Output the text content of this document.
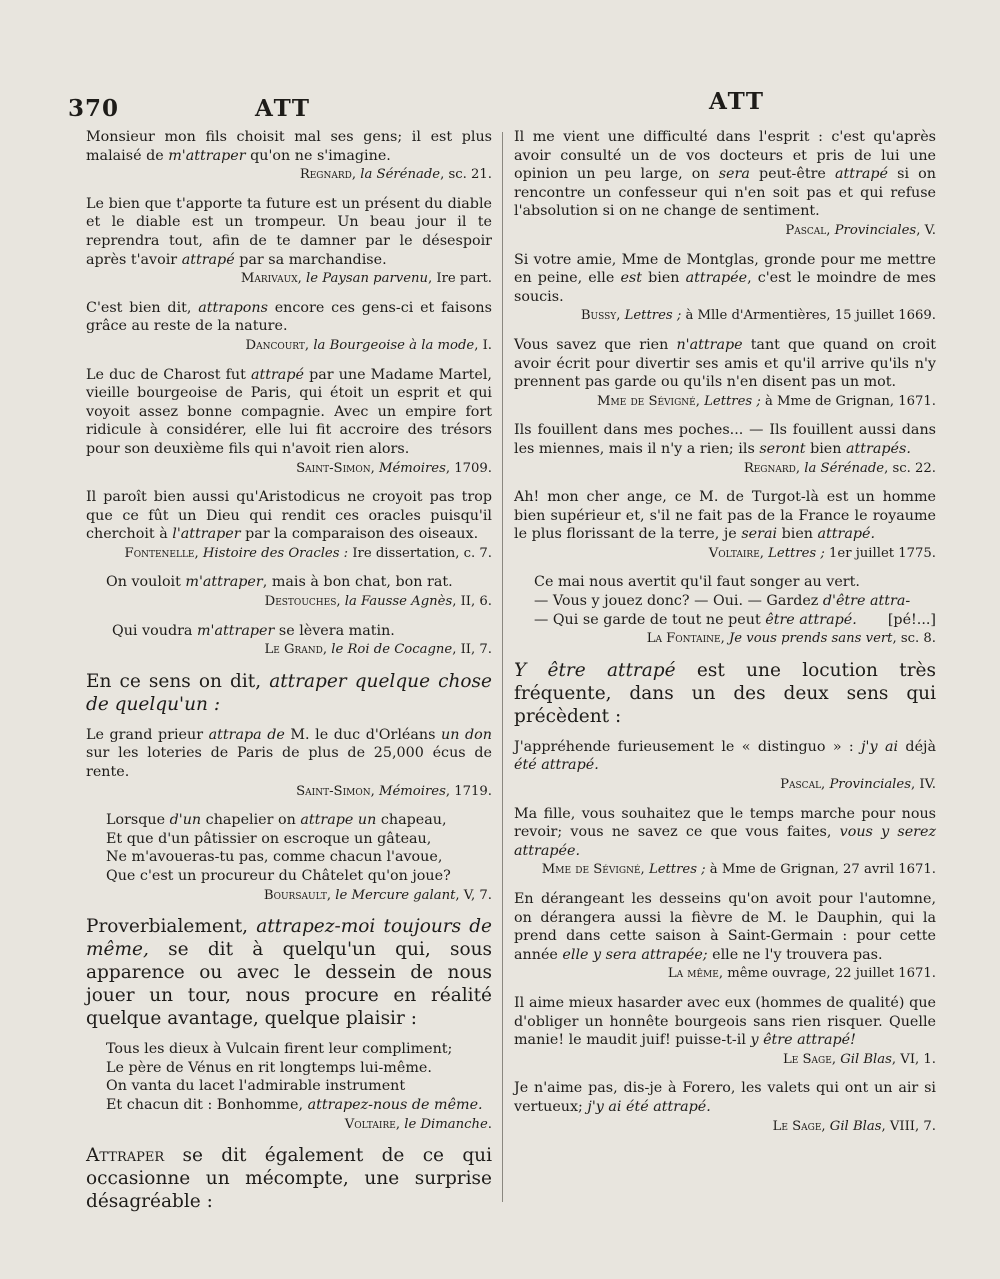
370	ATT	ATT

Monsieur mon fils choisit mal ses gens; il est plus malaisé de m'attraper qu'on ne s'imagine.

Regnard, la Sérénade, sc. 21.

Le bien que t'apporte ta future est un présent du diable et le diable est un trompeur. Un beau jour il te reprendra tout, afin de te damner par le désespoir après t'avoir attrapé par sa marchandise.

Marivaux, le Paysan parvenu, Ire part.

C'est bien dit, attrapons encore ces gens-ci et faisons grâce au reste de la nature.

Dancourt, la Bourgeoise à la mode, I.

Le duc de Charost fut attrapé par une Madame Martel, vieille bourgeoise de Paris, qui étoit un esprit et qui voyoit assez bonne compagnie. Avec un empire fort ridicule à considérer, elle lui fit accroire des trésors pour son deuxième fils qui n'avoit rien alors.

Saint-Simon, Mémoires, 1709.

Il paroît bien aussi qu'Aristodicus ne croyoit pas trop que ce fût un Dieu qui rendit ces oracles puisqu'il cherchoit à l'attraper par la comparaison des oiseaux.

Fontenelle, Histoire des Oracles : Ire dissertation, c. 7.

On vouloit m'attraper, mais à bon chat, bon rat.

Destouches, la Fausse Agnès, II, 6.

Qui voudra m'attraper se lèvera matin.

Le Grand, le Roi de Cocagne, II, 7.

En ce sens on dit, attraper quelque chose de quelqu'un :

Le grand prieur attrapa de M. le duc d'Orléans un don sur les loteries de Paris de plus de 25,000 écus de rente.

Saint-Simon, Mémoires, 1719.
Lorsque d'un chapelier on attrape un chapeau,
Et que d'un pâtissier on escroque un gâteau,
Ne m'avoueras-tu pas, comme chacun l'avoue,
Que c'est un procureur du Châtelet qu'on joue?
Boursault, le Mercure galant, V, 7.

Proverbialement, attrapez-moi toujours de même, se dit à quelqu'un qui, sous apparence ou avec le dessein de nous jouer un tour, nous procure en réalité quelque avantage, quelque plaisir :

Tous les dieux à Vulcain firent leur compliment;
Le père de Vénus en rit longtemps lui-même.
On vanta du lacet l'admirable instrument
Et chacun dit : Bonhomme, attrapez-nous de même.
Voltaire, le Dimanche.

Attraper se dit également de ce qui occasionne un mécompte, une surprise désagréable :

Il me vient une difficulté dans l'esprit : c'est qu'après avoir consulté un de vos docteurs et pris de lui une opinion un peu large, on sera peut-être attrapé si on rencontre un confesseur qui n'en soit pas et qui refuse l'absolution si on ne change de sentiment.

Pascal, Provinciales, V.

Si votre amie, Mme de Montglas, gronde pour me mettre en peine, elle est bien attrapée, c'est le moindre de mes soucis.

Bussy, Lettres ; à Mlle d'Armentières, 15 juillet 1669.

Vous savez que rien n'attrape tant que quand on croit avoir écrit pour divertir ses amis et qu'il arrive qu'ils n'y prennent pas garde ou qu'ils n'en disent pas un mot.

Mme de Sévigné, Lettres ; à Mme de Grignan, 1671.

Ils fouillent dans mes poches... — Ils fouillent aussi dans les miennes, mais il n'y a rien; ils seront bien attrapés.

Regnard, la Sérénade, sc. 22.

Ah! mon cher ange, ce M. de Turgot-là est un homme bien supérieur et, s'il ne fait pas de la France le royaume le plus florissant de la terre, je serai bien attrapé.

Voltaire, Lettres ; 1er juillet 1775.
Ce mai nous avertit qu'il faut songer au vert.
— Vous y jouez donc? — Oui. — Gardez d'être attra-
— Qui se garde de tout ne peut être attrapé. [pé!...]
La Fontaine, Je vous prends sans vert, sc. 8.

Y être attrapé est une locution très fréquente, dans un des deux sens qui précèdent :

J'appréhende furieusement le « distinguo » : j'y ai déjà été attrapé.

Pascal, Provinciales, IV.

Ma fille, vous souhaitez que le temps marche pour nous revoir; vous ne savez ce que vous faites, vous y serez attrapée.

Mme de Sévigné, Lettres ; à Mme de Grignan, 27 avril 1671.

En dérangeant les desseins qu'on avoit pour l'automne, on dérangera aussi la fièvre de M. le Dauphin, qui la prend dans cette saison à Saint-Germain : pour cette année elle y sera attrapée; elle ne l'y trouvera pas.

La même, même ouvrage, 22 juillet 1671.

Il aime mieux hasarder avec eux (hommes de qualité) que d'obliger un honnête bourgeois sans rien risquer. Quelle manie! le maudit juif! puisse-t-il y être attrapé!

Le Sage, Gil Blas, VI, 1.

Je n'aime pas, dis-je à Forero, les valets qui ont un air si vertueux; j'y ai été attrapé.

Le Sage, Gil Blas, VIII, 7.
